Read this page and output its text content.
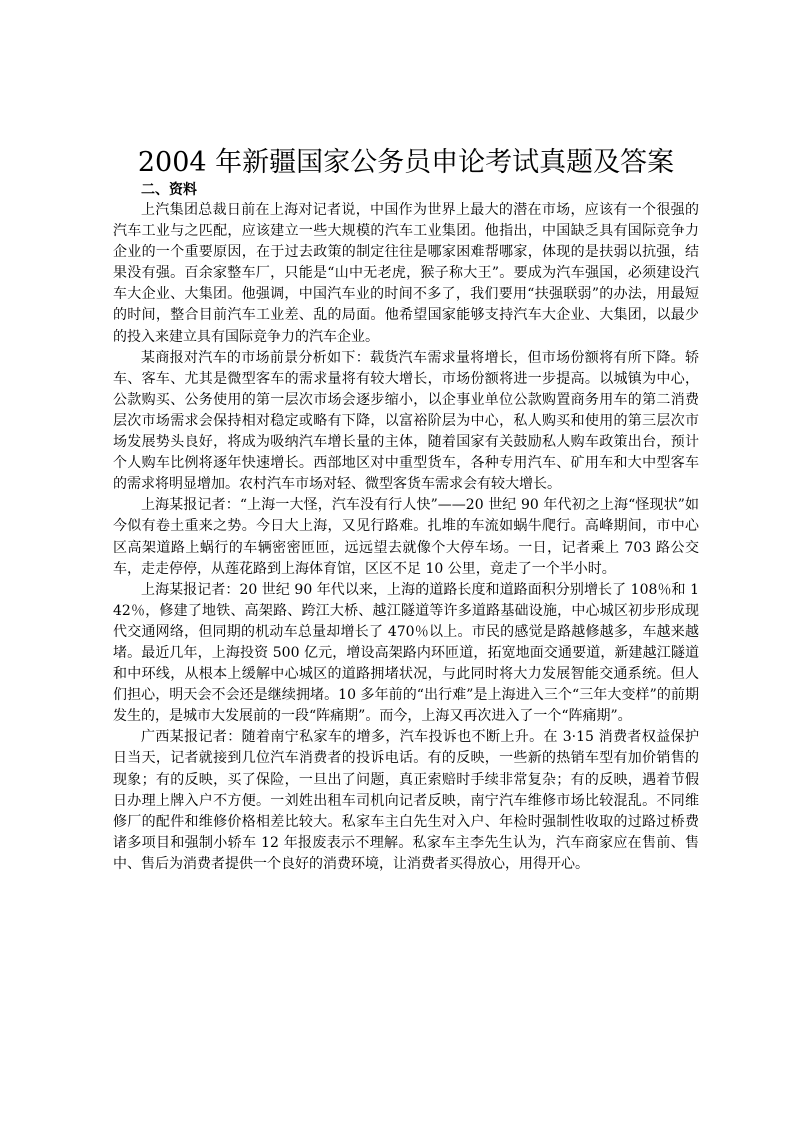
2004 年新疆国家公务员申论考试真题及答案
二、资料

上汽集团总裁日前在上海对记者说，中国作为世界上最大的潜在市场，应该有一个很强的汽车工业与之匹配，应该建立一些大规模的汽车工业集团。他指出，中国缺乏具有国际竞争力企业的一个重要原因，在于过去政策的制定往往是哪家困难帮哪家，体现的是扶弱以抗强，结果没有强。百余家整车厂，只能是“山中无老虎，猴子称大王”。要成为汽车强国，必须建设汽车大企业、大集团。他强调，中国汽车业的时间不多了，我们要用“扶强联弱”的办法，用最短的时间，整合目前汽车工业差、乱的局面。他希望国家能够支持汽车大企业、大集团，以最少的投入来建立具有国际竞争力的汽车企业。

某商报对汽车的市场前景分析如下：载货汽车需求量将增长，但市场份额将有所下降。轿车、客车、尤其是微型客车的需求量将有较大增长，市场份额将进一步提高。以城镇为中心，公款购买、公务使用的第一层次市场会逐步缩小，以企事业单位公款购置商务用车的第二消费层次市场需求会保持相对稳定或略有下降，以富裕阶层为中心，私人购买和使用的第三层次市场发展势头良好，将成为吸纳汽车增长量的主体，随着国家有关鼓励私人购车政策出台，预计个人购车比例将逐年快速增长。西部地区对中重型货车，各种专用汽车、矿用车和大中型客车的需求将明显增加。农村汽车市场对轻、微型客货车需求会有较大增长。

上海某报记者：“上海一大怪，汽车没有行人快”——20 世纪 90 年代初之上海“怪现状”如今似有卷土重来之势。今日大上海，又见行路难。扎堆的车流如蜗牛爬行。高峰期间，市中心区高架道路上蜗行的车辆密密匝匝，远远望去就像个大停车场。一日，记者乘上 703 路公交车，走走停停，从莲花路到上海体育馆，区区不足 10 公里，竟走了一个半小时。

上海某报记者：20 世纪 90 年代以来，上海的道路长度和道路面积分别增长了 108％和 142％，修建了地铁、高架路、跨江大桥、越江隧道等许多道路基础设施，中心城区初步形成现代交通网络，但同期的机动车总量却增长了 470％以上。市民的感觉是路越修越多，车越来越堵。最近几年，上海投资 500 亿元，增设高架路内环匝道，拓宽地面交通要道，新建越江隧道和中环线，从根本上缓解中心城区的道路拥堵状况，与此同时将大力发展智能交通系统。但人们担心，明天会不会还是继续拥堵。10 多年前的“出行难”是上海进入三个“三年大变样”的前期发生的，是城市大发展前的一段“阵痛期”。而今，上海又再次进入了一个“阵痛期”。

广西某报记者：随着南宁私家车的增多，汽车投诉也不断上升。在 3·15 消费者权益保护日当天，记者就接到几位汽车消费者的投诉电话。有的反映，一些新的热销车型有加价销售的现象；有的反映，买了保险，一旦出了问题，真正索赔时手续非常复杂；有的反映，遇着节假日办理上牌入户不方便。一刘姓出租车司机向记者反映，南宁汽车维修市场比较混乱。不同维修厂的配件和维修价格相差比较大。私家车主白先生对入户、年检时强制性收取的过路过桥费诸多项目和强制小轿车 12 年报废表示不理解。私家车主李先生认为，汽车商家应在售前、售中、售后为消费者提供一个良好的消费环境，让消费者买得放心，用得开心。
